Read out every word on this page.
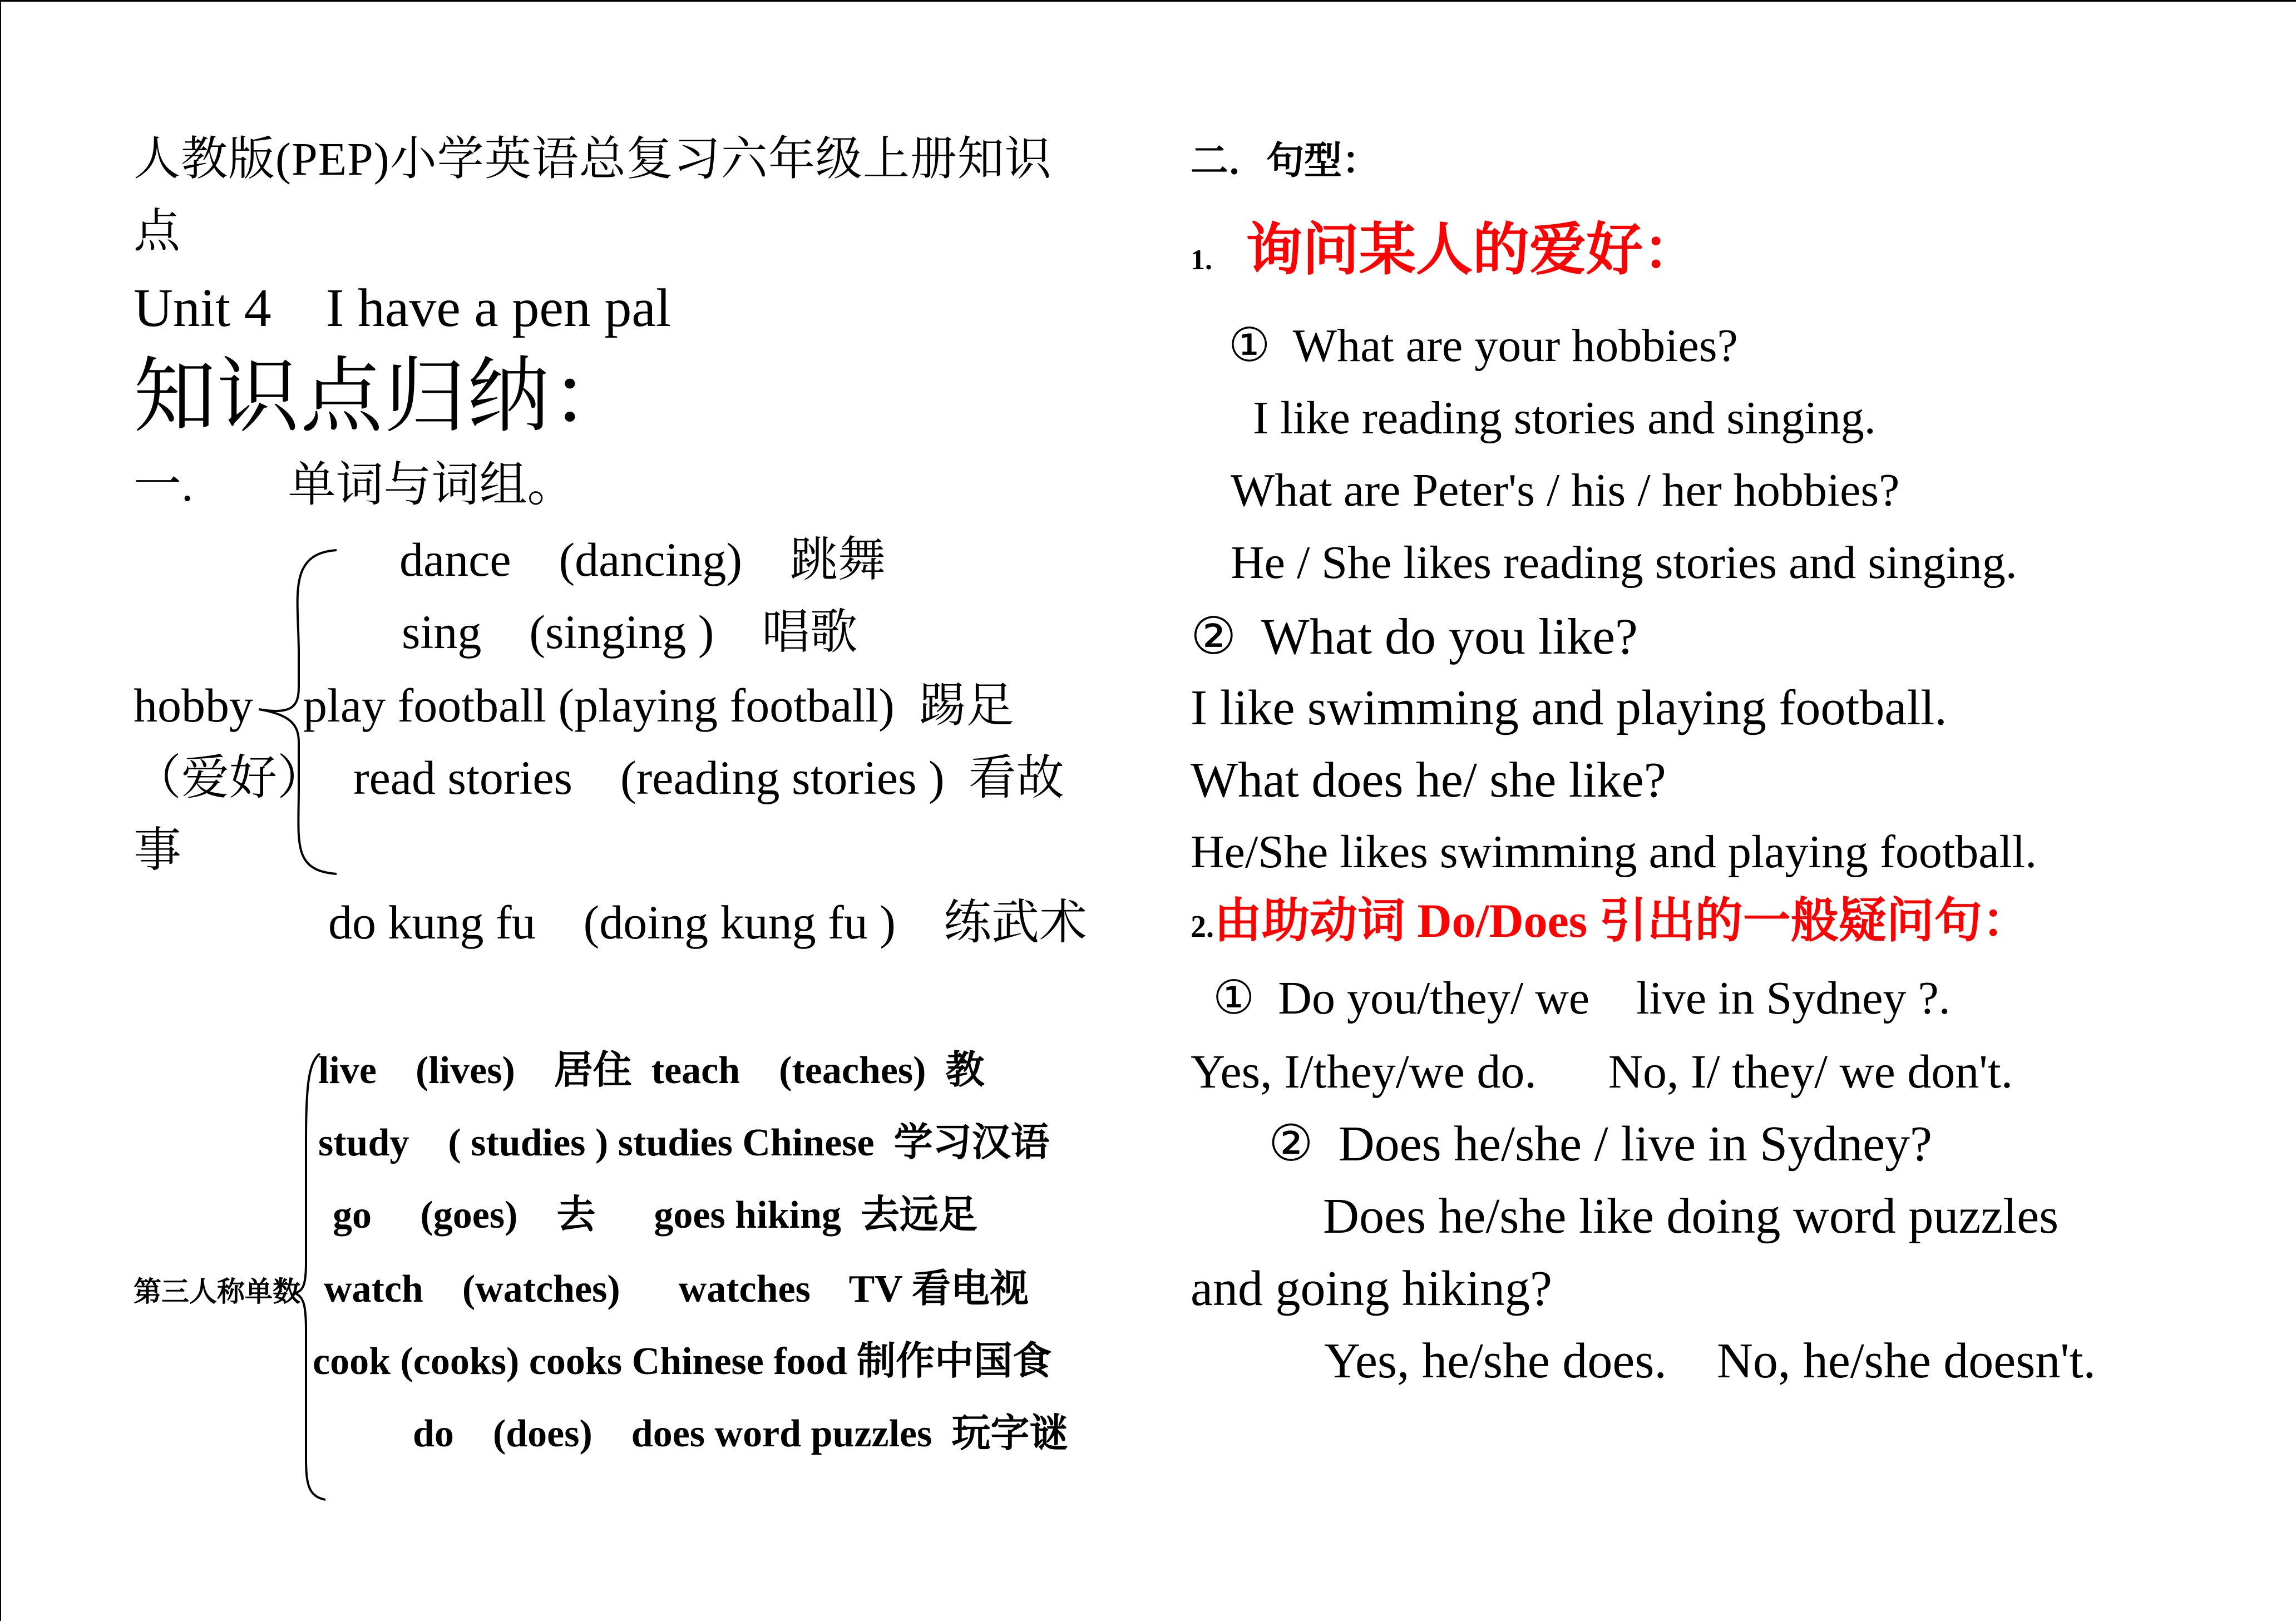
人教版(PEP)小学英语总复习六年级上册知识
点
Unit 4    I have a pen pal
知识点归纳：
一. 单词与词组。
dance    (dancing)    跳舞
sing    (singing )    唱歌
hobby play football (playing football)  踢足
（爱好） read stories    (reading stories )  看故
事
do kung fu    (doing kung fu )    练武术
live    (lives)    居住  teach    (teaches)  教
study    ( studies ) studies Chinese  学习汉语
go     (goes)    去      goes hiking  去远足
第三人称单数 watch    (watches)      watches    TV 看电视
cook (cooks) cooks Chinese food 制作中国食
do    (does)    does word puzzles  玩字谜
二．句型：
1. 询问某人的爱好：
①  What are your hobbies?
I like reading stories and singing.
What are Peter's / his / her hobbies?
He / She likes reading stories and singing.
②  What do you like?
I like swimming and playing football.
What does he/ she like?
He/She likes swimming and playing football.
2.由助动词 Do/Does 引出的一般疑问句：
①  Do you/they/ we    live in Sydney ?.
Yes, I/they/we do.      No, I/ they/ we don't.
②  Does he/she / live in Sydney?
Does he/she like doing word puzzles
and going hiking?
Yes, he/she does.    No, he/she doesn't.
